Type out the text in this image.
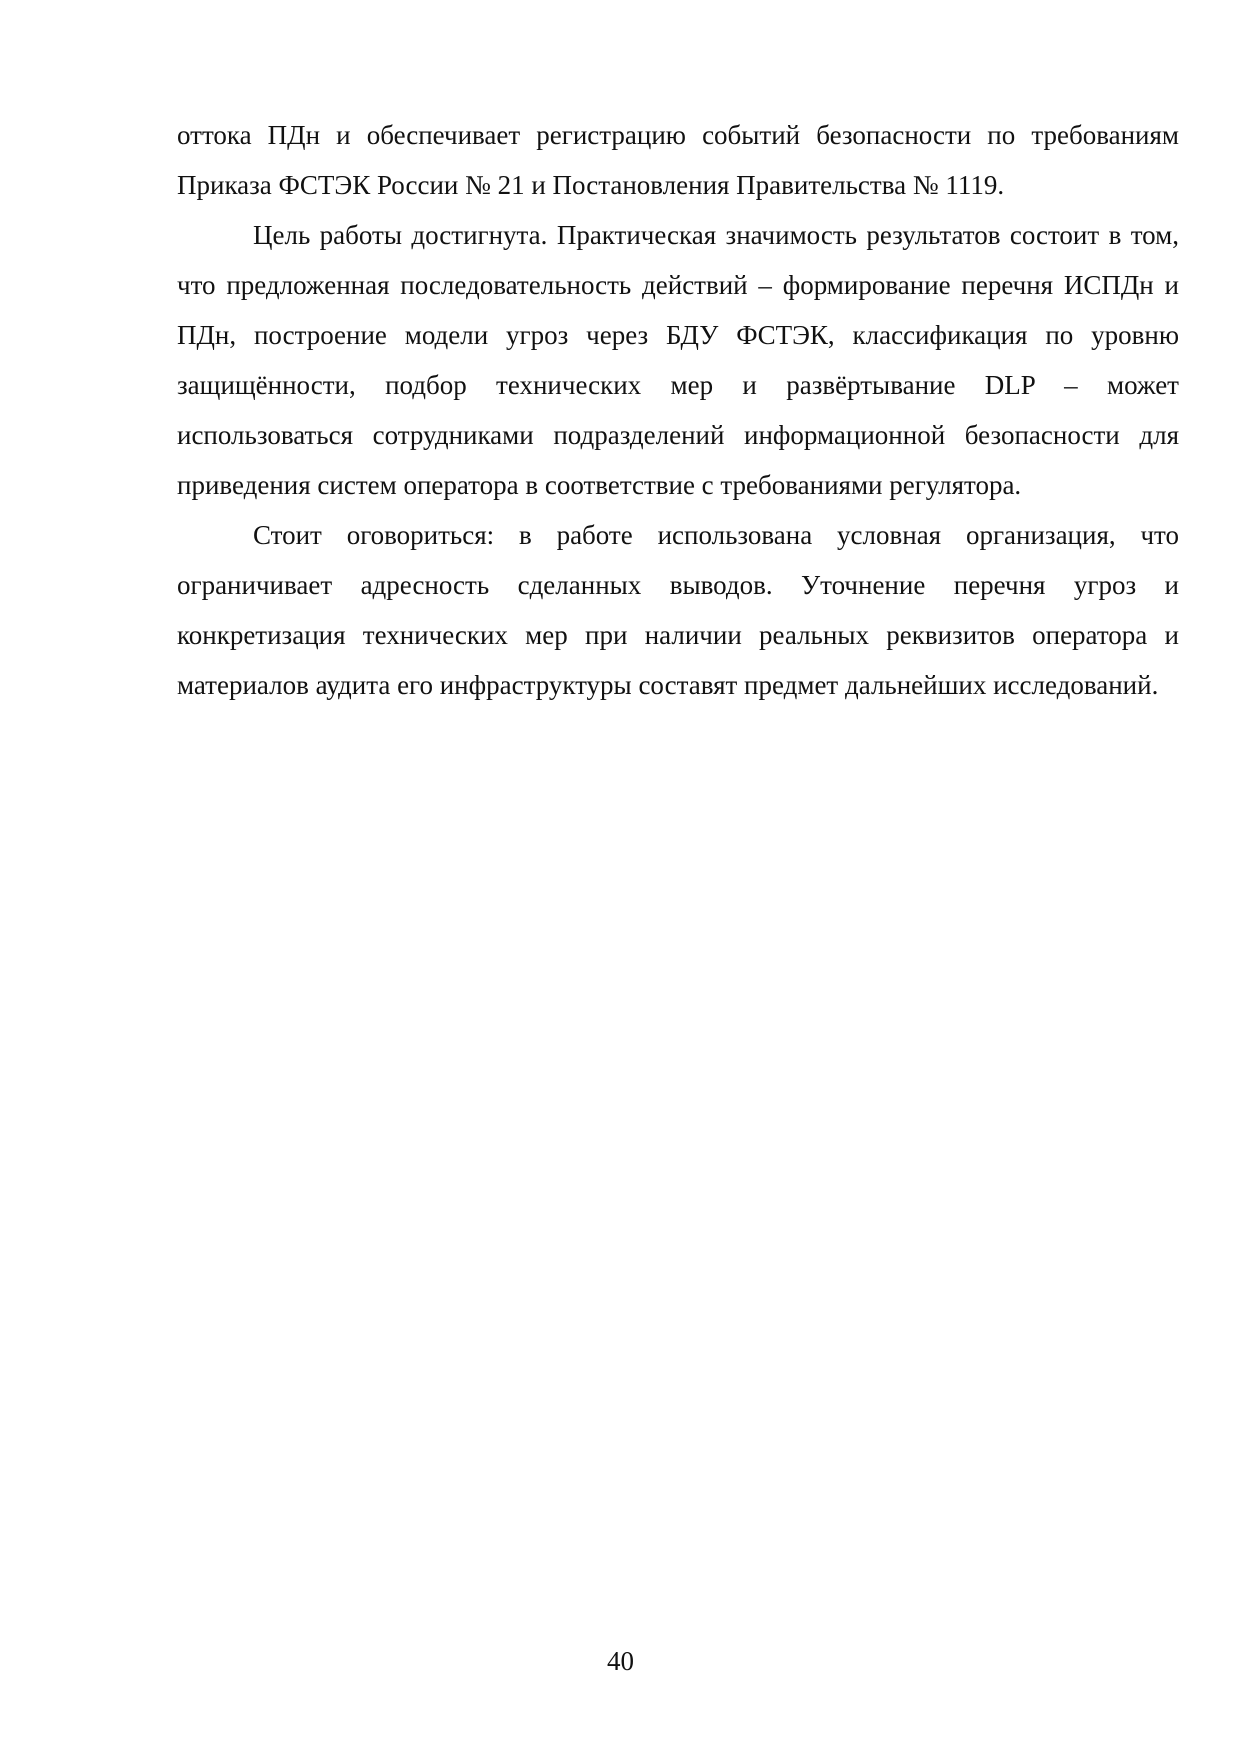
оттока ПДн и обеспечивает регистрацию событий безопасности по требованиям Приказа ФСТЭК России № 21 и Постановления Правительства № 1119.

Цель работы достигнута. Практическая значимость результатов состоит в том, что предложенная последовательность действий – формирование перечня ИСПДн и ПДн, построение модели угроз через БДУ ФСТЭК, классификация по уровню защищённости, подбор технических мер и развёртывание DLP – может использоваться сотрудниками подразделений информационной безопасности для приведения систем оператора в соответствие с требованиями регулятора.

Стоит оговориться: в работе использована условная организация, что ограничивает адресность сделанных выводов. Уточнение перечня угроз и конкретизация технических мер при наличии реальных реквизитов оператора и материалов аудита его инфраструктуры составят предмет дальнейших исследований.

40
